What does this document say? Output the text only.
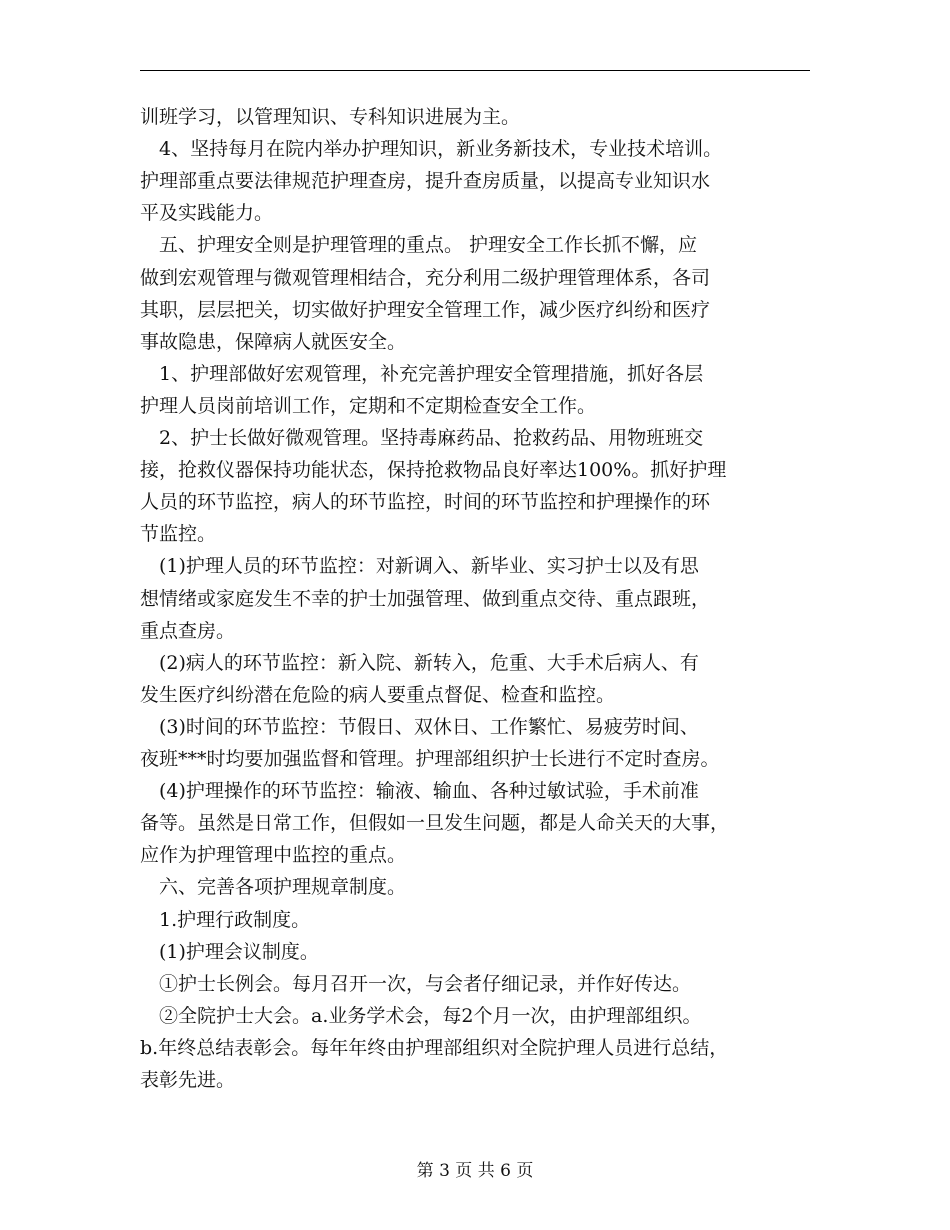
训班学习，以管理知识、专科知识进展为主。
　4、坚持每月在院内举办护理知识，新业务新技术，专业技术培训。
护理部重点要法律规范护理查房，提升查房质量，以提高专业知识水
平及实践能力。
　五、护理安全则是护理管理的重点。 护理安全工作长抓不懈，应
做到宏观管理与微观管理相结合，充分利用二级护理管理体系，各司
其职，层层把关，切实做好护理安全管理工作，减少医疗纠纷和医疗
事故隐患，保障病人就医安全。
　1、护理部做好宏观管理，补充完善护理安全管理措施，抓好各层
护理人员岗前培训工作，定期和不定期检查安全工作。
　2、护士长做好微观管理。坚持毒麻药品、抢救药品、用物班班交
接，抢救仪器保持功能状态，保持抢救物品良好率达100%。抓好护理
人员的环节监控，病人的环节监控，时间的环节监控和护理操作的环
节监控。
　(1)护理人员的环节监控：对新调入、新毕业、实习护士以及有思
想情绪或家庭发生不幸的护士加强管理、做到重点交待、重点跟班，
重点查房。
　(2)病人的环节监控：新入院、新转入，危重、大手术后病人、有
发生医疗纠纷潜在危险的病人要重点督促、检查和监控。
　(3)时间的环节监控：节假日、双休日、工作繁忙、易疲劳时间、
夜班***时均要加强监督和管理。护理部组织护士长进行不定时查房。
　(4)护理操作的环节监控：输液、输血、各种过敏试验，手术前准
备等。虽然是日常工作，但假如一旦发生问题，都是人命关天的大事，
应作为护理管理中监控的重点。
　六、完善各项护理规章制度。
　1.护理行政制度。
　(1)护理会议制度。
　①护士长例会。每月召开一次，与会者仔细记录，并作好传达。
　②全院护士大会。a.业务学术会，每2个月一次，由护理部组织。
b.年终总结表彰会。每年年终由护理部组织对全院护理人员进行总结，
表彰先进。
第 3 页 共 6 页
